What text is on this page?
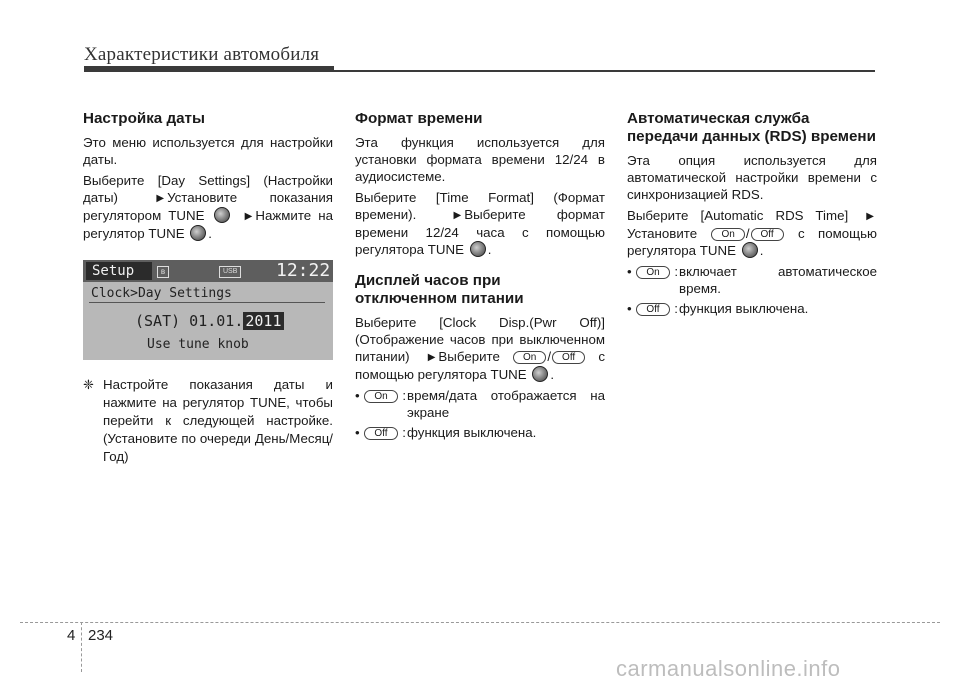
Характеристики автомобиля
Настройка даты

Это меню используется для настройки даты.

Выберите [Day Settings] (Настройки даты)	▶ Установите показания регулятором TUNE	▶ Нажмите на регулятор TUNE .

Setup	ʙ	USB 12:22
Clock>Day Settings
(SAT) 01.01. 2011
Use tune knob
❈ Настройте показания даты и нажмите на регулятор TUNE, чтобы перейти к следующей настройке. (Установите по очереди День/Месяц/Год)
Формат времени

Эта функция используется для установки формата времени 12/24 в аудиосистеме.

Выберите [Time Format] (Формат времени).	▶ Выберите формат времени 12/24 часа с помощью регулятора TUNE .

Дисплей часов при отключенном питании

Выберите [Clock Disp.(Pwr Off)] (Отображение часов при выключенном питании) ▶ Выберите On / Off с помощью регулятора TUNE .

• On : время/дата отображается на экране
• Off : функция выключена.
Автоматическая служба передачи данных (RDS) времени

Эта опция используется для автоматической настройки времени с синхронизацией RDS.

Выберите [Automatic RDS Time] ▶ Установите On / Off с помощью регулятора TUNE .

• On : включает автоматическое время.
• Off : функция выключена.
4 234
carmanualsonline.info
